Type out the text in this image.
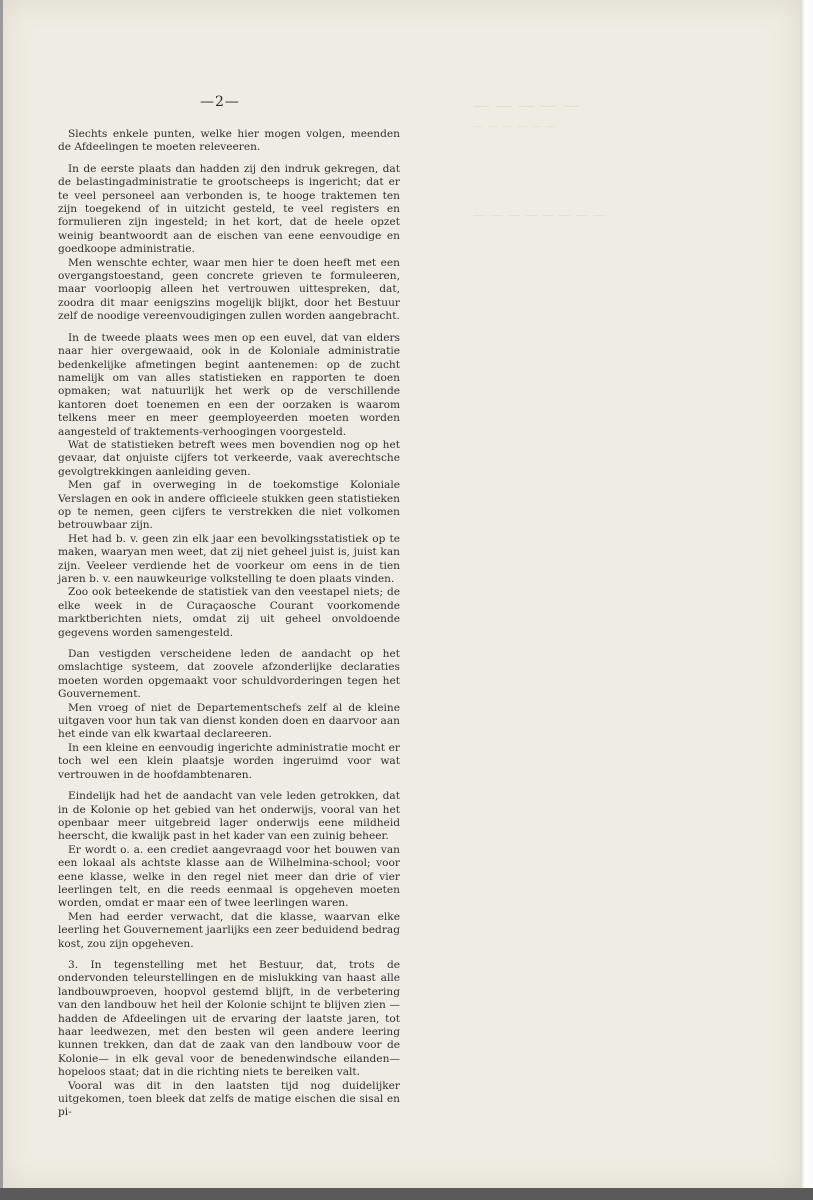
— — — — —
— — — — — —
— — — — — — — —
—2—

Slechts enkele punten, welke hier mogen volgen, meenden de Afdeelingen te moeten releveeren.

In de eerste plaats dan hadden zij den indruk gekregen, dat de belastingadministratie te grootscheeps is ingericht; dat er te veel personeel aan verbonden is, te hooge traktemen ten zijn toegekend of in uitzicht gesteld, te veel registers en formulieren zijn ingesteld; in het kort, dat de heele opzet weinig beantwoordt aan de eischen van eene eenvoudige en goedkoope administratie.

Men wenschte echter, waar men hier te doen heeft met een overgangstoestand, geen concrete grieven te formuleeren, maar voorloopig alleen het vertrouwen uittespreken, dat, zoodra dit maar eenigszins mogelijk blijkt, door het Bestuur zelf de noodige vereenvoudigingen zullen worden aangebracht.

In de tweede plaats wees men op een euvel, dat van elders naar hier overgewaaid, ook in de Koloniale administratie bedenkelijke afmetingen begint aantenemen: op de zucht namelijk om van alles statistieken en rapporten te doen opmaken; wat natuurlijk het werk op de verschillende kantoren doet toenemen en een der oorzaken is waarom telkens meer en meer geemployeerden moeten worden aangesteld of traktements-verhoogingen voorgesteld.

Wat de statistieken betreft wees men bovendien nog op het gevaar, dat onjuiste cijfers tot verkeerde, vaak averechtsche gevolgtrekkingen aanleiding geven.

Men gaf in overweging in de toekomstige Koloniale Verslagen en ook in andere officieele stukken geen statistieken op te nemen, geen cijfers te verstrekken die niet volkomen betrouwbaar zijn.

Het had b. v. geen zin elk jaar een bevolkingsstatistiek op te maken, waaryan men weet, dat zij niet geheel juist is, juist kan zijn. Veeleer verdiende het de voorkeur om eens in de tien jaren b. v. een nauwkeurige volkstelling te doen plaats vinden.

Zoo ook beteekende de statistiek van den veestapel niets; de elke week in de Curaçaosche Courant voorkomende marktberichten niets, omdat zij uit geheel onvoldoende gegevens worden samengesteld.

Dan vestigden verscheidene leden de aandacht op het omslachtige systeem, dat zoovele afzonderlijke declaraties moeten worden opgemaakt voor schuldvorderingen tegen het Gouvernement.

Men vroeg of niet de Departementschefs zelf al de kleine uitgaven voor hun tak van dienst konden doen en daarvoor aan het einde van elk kwartaal declareeren.

In een kleine en eenvoudig ingerichte administratie mocht er toch wel een klein plaatsje worden ingeruimd voor wat vertrouwen in de hoofdambtenaren.

Eindelijk had het de aandacht van vele leden getrokken, dat in de Kolonie op het gebied van het onderwijs, vooral van het openbaar meer uitgebreid lager onderwijs eene mildheid heerscht, die kwalijk past in het kader van een zuinig beheer.

Er wordt o. a. een crediet aangevraagd voor het bouwen van een lokaal als achtste klasse aan de Wilhelmina-school; voor eene klasse, welke in den regel niet meer dan drie of vier leerlingen telt, en die reeds eenmaal is opgeheven moeten worden, omdat er maar een of twee leerlingen waren.

Men had eerder verwacht, dat die klasse, waarvan elke leerling het Gouvernement jaarlijks een zeer beduidend bedrag kost, zou zijn opgeheven.

3. In tegenstelling met het Bestuur, dat, trots de ondervonden teleurstellingen en de mislukking van haast alle landbouwproeven, hoopvol gestemd blijft, in de verbetering van den landbouw het heil der Kolonie schijnt te blijven zien — hadden de Afdeelingen uit de ervaring der laatste jaren, tot haar leedwezen, met den besten wil geen andere leering kunnen trekken, dan dat de zaak van den landbouw voor de Kolonie— in elk geval voor de benedenwindsche eilanden— hopeloos staat; dat in die richting niets te bereiken valt.

Vooral was dit in den laatsten tijd nog duidelijker uitgekomen, toen bleek dat zelfs de matige eischen die sisal en pi-
